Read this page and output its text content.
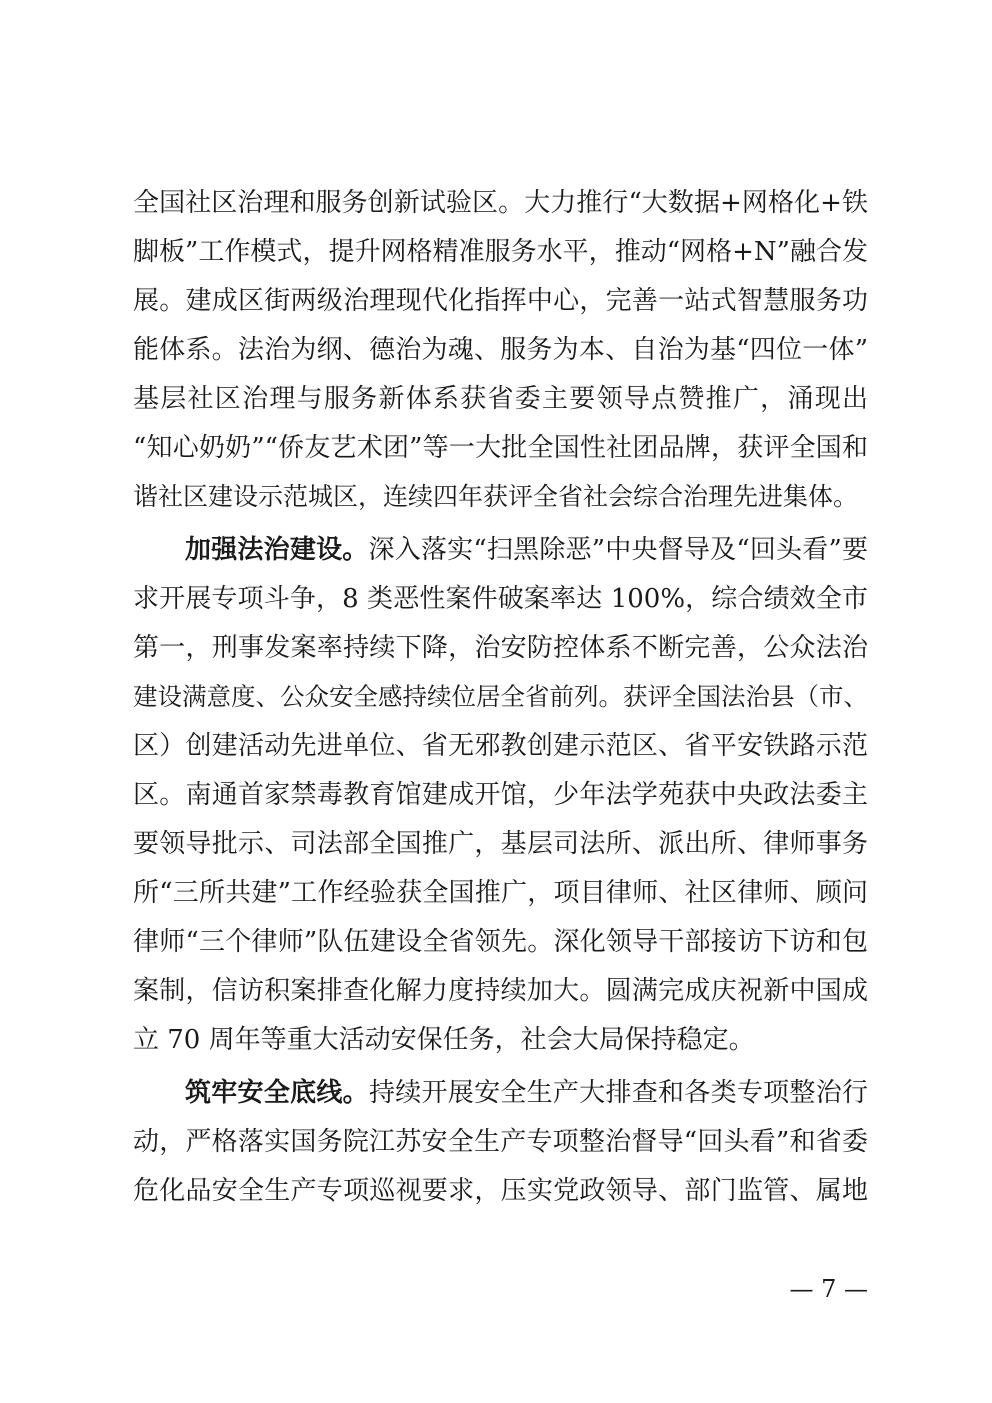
全国社区治理和服务创新试验区。大力推行“大数据+网格化+铁
脚板”工作模式，提升网格精准服务水平，推动“网格+N”融合发
展。建成区街两级治理现代化指挥中心，完善一站式智慧服务功
能体系。法治为纲、德治为魂、服务为本、自治为基“四位一体”
基层社区治理与服务新体系获省委主要领导点赞推广，涌现出
“知心奶奶”“侨友艺术团”等一大批全国性社团品牌，获评全国和
谐社区建设示范城区，连续四年获评全省社会综合治理先进集体。
加强法治建设。深入落实“扫黑除恶”中央督导及“回头看”要
求开展专项斗争，8 类恶性案件破案率达 100%，综合绩效全市
第一，刑事发案率持续下降，治安防控体系不断完善，公众法治
建设满意度、公众安全感持续位居全省前列。获评全国法治县（市、
区）创建活动先进单位、省无邪教创建示范区、省平安铁路示范
区。南通首家禁毒教育馆建成开馆，少年法学苑获中央政法委主
要领导批示、司法部全国推广，基层司法所、派出所、律师事务
所“三所共建”工作经验获全国推广，项目律师、社区律师、顾问
律师“三个律师”队伍建设全省领先。深化领导干部接访下访和包
案制，信访积案排查化解力度持续加大。圆满完成庆祝新中国成
立 70 周年等重大活动安保任务，社会大局保持稳定。
筑牢安全底线。持续开展安全生产大排查和各类专项整治行
动，严格落实国务院江苏安全生产专项整治督导“回头看”和省委
危化品安全生产专项巡视要求，压实党政领导、部门监管、属地
— 7 —
